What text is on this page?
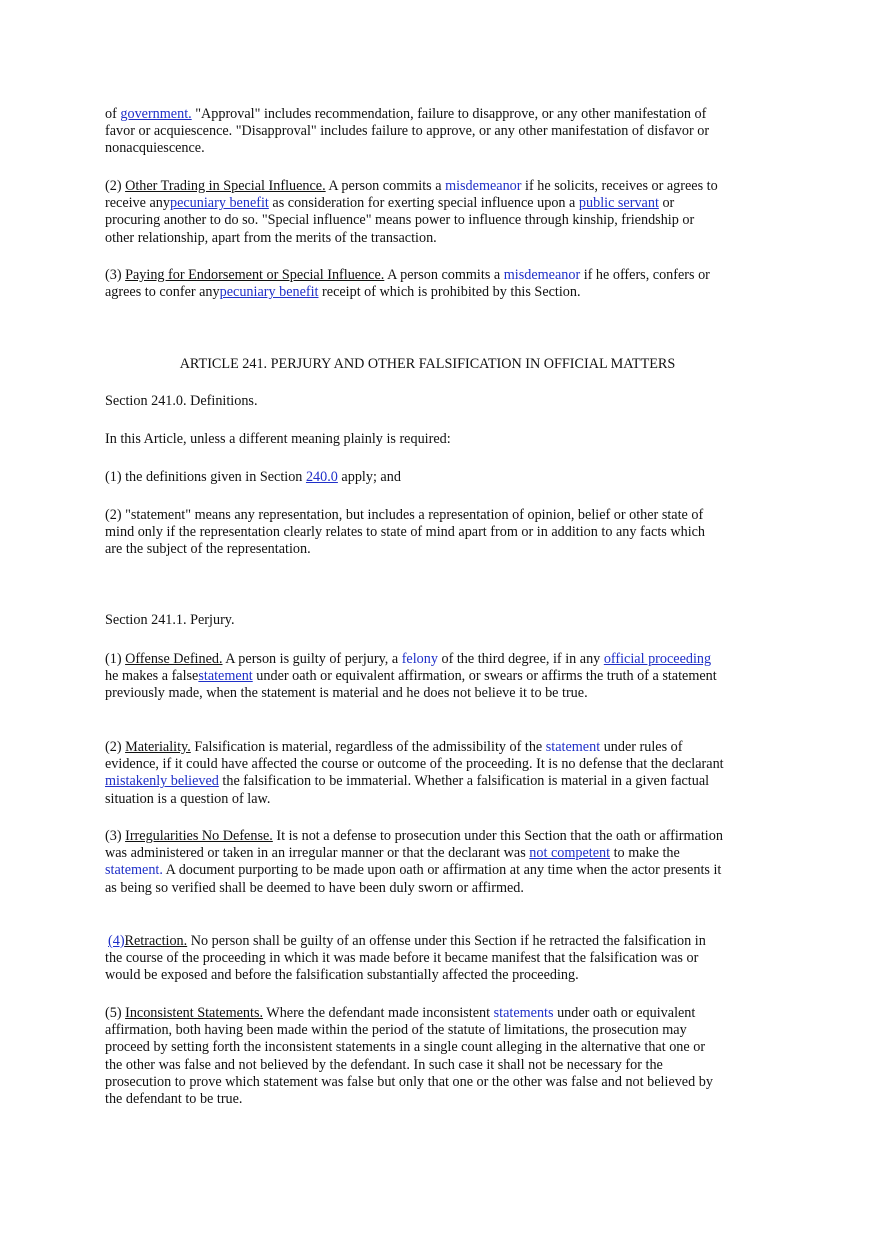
of government. "Approval" includes recommendation, failure to disapprove, or any other manifestation of favor or acquiescence. "Disapproval" includes failure to approve, or any other manifestation of disfavor or nonacquiescence.
(2) Other Trading in Special Influence. A person commits a misdemeanor if he solicits, receives or agrees to receive anypecuniary benefit as consideration for exerting special influence upon a public servant or procuring another to do so. "Special influence" means power to influence through kinship, friendship or other relationship, apart from the merits of the transaction.
(3) Paying for Endorsement or Special Influence. A person commits a misdemeanor if he offers, confers or agrees to confer anypecuniary benefit receipt of which is prohibited by this Section.
ARTICLE 241. PERJURY AND OTHER FALSIFICATION IN OFFICIAL MATTERS
Section 241.0. Definitions.
In this Article, unless a different meaning plainly is required:
(1) the definitions given in Section 240.0 apply; and
(2) "statement" means any representation, but includes a representation of opinion, belief or other state of mind only if the representation clearly relates to state of mind apart from or in addition to any facts which are the subject of the representation.
Section 241.1. Perjury.
(1) Offense Defined. A person is guilty of perjury, a felony of the third degree, if in any official proceeding he makes a falsestatement under oath or equivalent affirmation, or swears or affirms the truth of a statement previously made, when the statement is material and he does not believe it to be true.
(2) Materiality. Falsification is material, regardless of the admissibility of the statement under rules of evidence, if it could have affected the course or outcome of the proceeding. It is no defense that the declarant mistakenly believed the falsification to be immaterial. Whether a falsification is material in a given factual situation is a question of law.
(3) Irregularities No Defense. It is not a defense to prosecution under this Section that the oath or affirmation was administered or taken in an irregular manner or that the declarant was not competent to make the statement. A document purporting to be made upon oath or affirmation at any time when the actor presents it as being so verified shall be deemed to have been duly sworn or affirmed.
(4)Retraction. No person shall be guilty of an offense under this Section if he retracted the falsification in the course of the proceeding in which it was made before it became manifest that the falsification was or would be exposed and before the falsification substantially affected the proceeding.
(5) Inconsistent Statements. Where the defendant made inconsistent statements under oath or equivalent affirmation, both having been made within the period of the statute of limitations, the prosecution may proceed by setting forth the inconsistent statements in a single count alleging in the alternative that one or the other was false and not believed by the defendant. In such case it shall not be necessary for the prosecution to prove which statement was false but only that one or the other was false and not believed by the defendant to be true.
